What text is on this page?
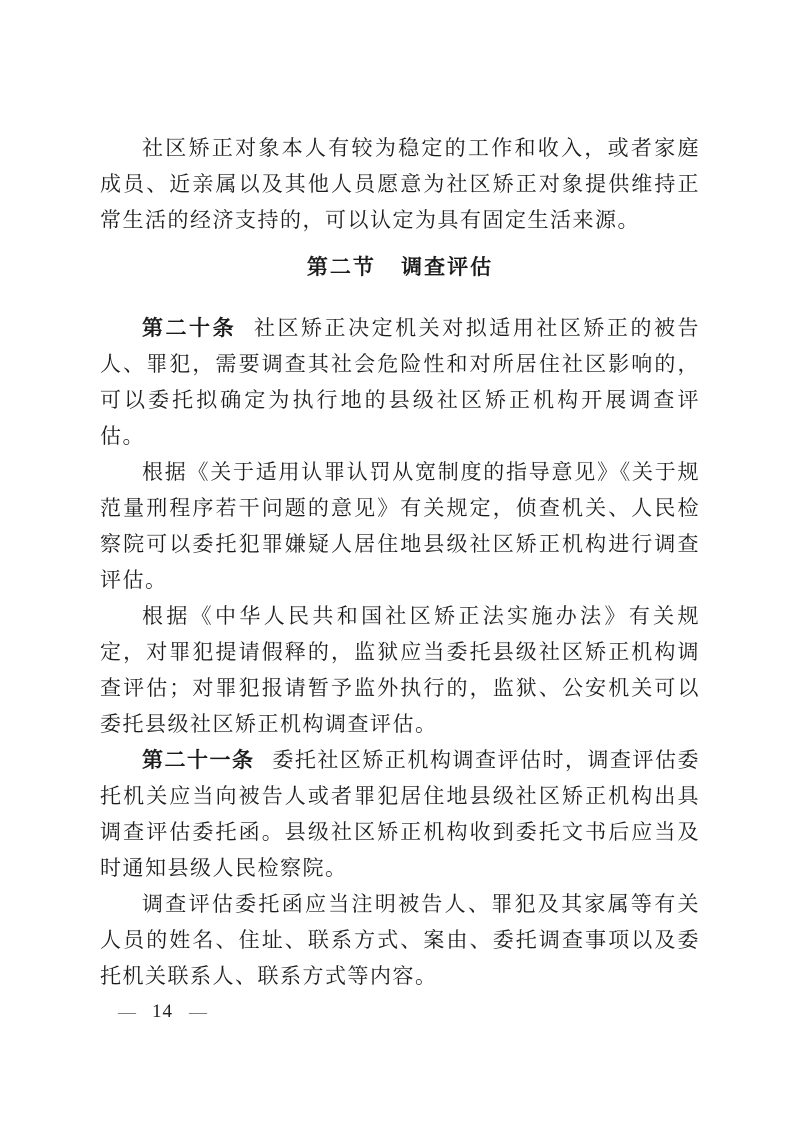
社区矫正对象本人有较为稳定的工作和收入，或者家庭成员、近亲属以及其他人员愿意为社区矫正对象提供维持正常生活的经济支持的，可以认定为具有固定生活来源。

第二节 调查评估

第二十条 社区矫正决定机关对拟适用社区矫正的被告人、罪犯，需要调查其社会危险性和对所居住社区影响的，可以委托拟确定为执行地的县级社区矫正机构开展调查评估。

根据《关于适用认罪认罚从宽制度的指导意见》《关于规范量刑程序若干问题的意见》有关规定，侦查机关、人民检察院可以委托犯罪嫌疑人居住地县级社区矫正机构进行调查评估。

根据《中华人民共和国社区矫正法实施办法》有关规定，对罪犯提请假释的，监狱应当委托县级社区矫正机构调查评估；对罪犯报请暂予监外执行的，监狱、公安机关可以委托县级社区矫正机构调查评估。

第二十一条 委托社区矫正机构调查评估时，调查评估委托机关应当向被告人或者罪犯居住地县级社区矫正机构出具调查评估委托函。县级社区矫正机构收到委托文书后应当及时通知县级人民检察院。

调查评估委托函应当注明被告人、罪犯及其家属等有关人员的姓名、住址、联系方式、案由、委托调查事项以及委托机关联系人、联系方式等内容。

— 14 —
